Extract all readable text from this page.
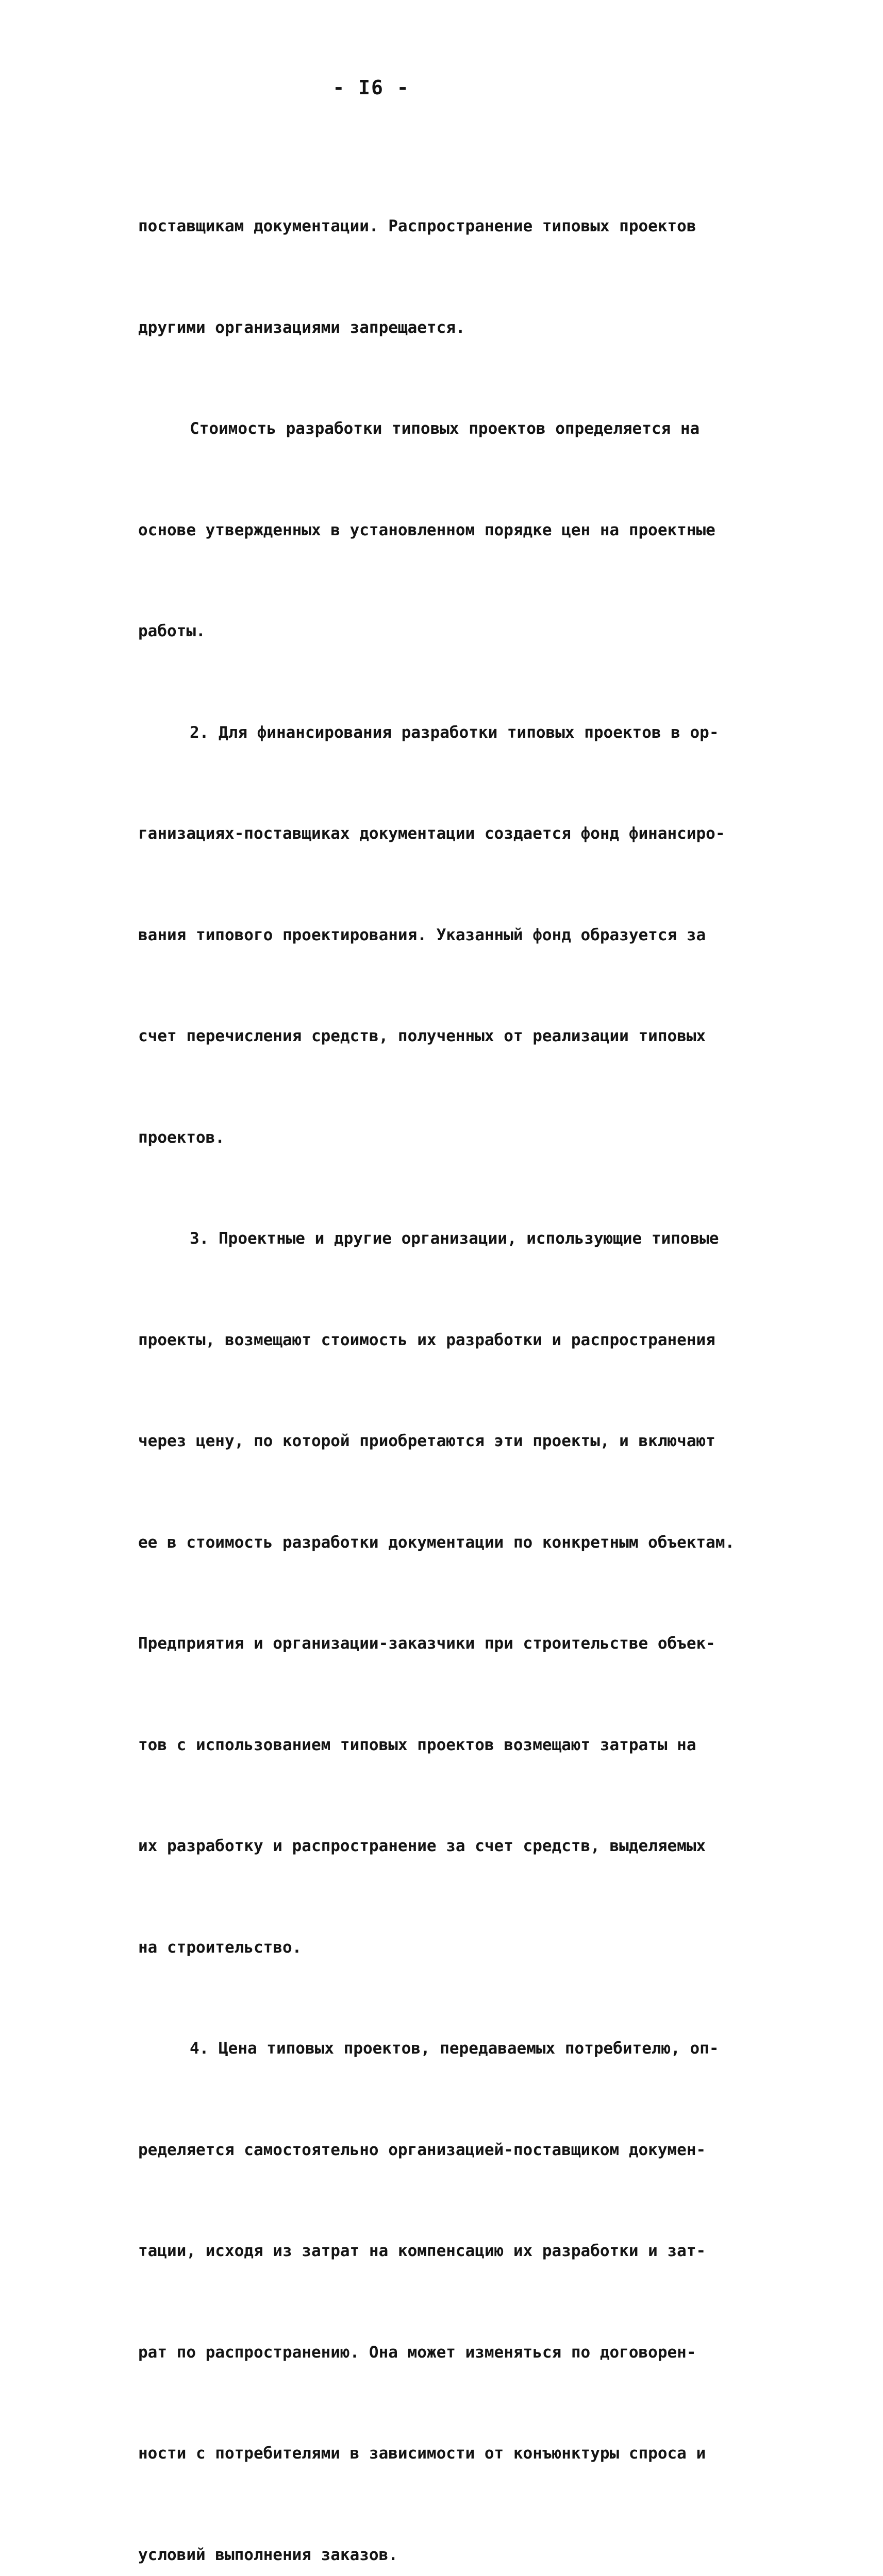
- I6 -

поставщикам документации. Распространение типовых проектов

другими организациями запрещается.

Стоимость разработки типовых проектов определяется на

основе утвержденных в установленном порядке цен на проектные

работы.

2. Для финансирования разработки типовых проектов в ор-

ганизациях-поставщиках документации создается фонд финансиро-

вания типового проектирования. Указанный фонд образуется за

счет перечисления средств, полученных от реализации типовых

проектов.

3. Проектные и другие организации, использующие типовые

проекты, возмещают стоимость их разработки и распространения

через цену, по которой приобретаются эти проекты, и включают

ее в стоимость разработки документации по конкретным объектам.

Предприятия и организации-заказчики при строительстве объек-

тов с использованием типовых проектов возмещают затраты на

их разработку и распространение за счет средств, выделяемых

на строительство.

4. Цена типовых проектов, передаваемых потребителю, оп-

ределяется самостоятельно организацией-поставщиком докумен-

тации, исходя из затрат на компенсацию их разработки и зат-

рат по распространению. Она может изменяться по договорен-

ности с потребителями в зависимости от конъюнктуры спроса и

условий выполнения заказов.
